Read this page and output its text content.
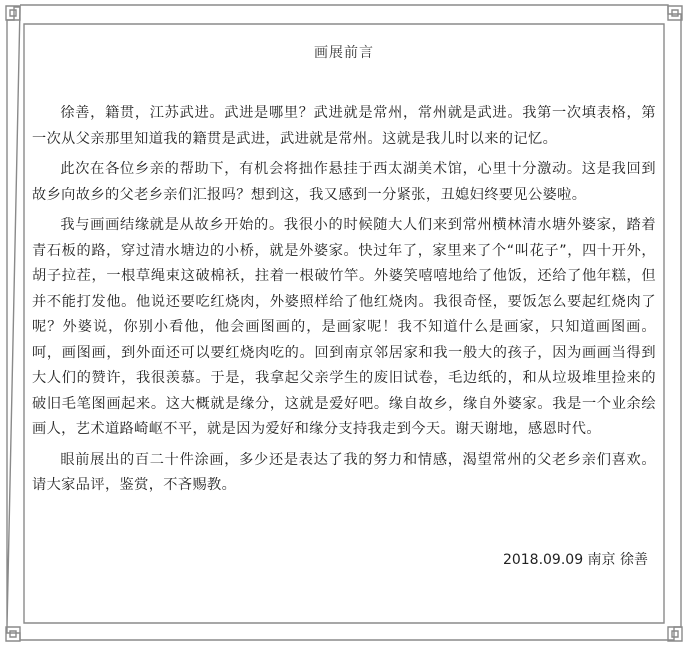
画展前言

徐善，籍贯，江苏武进。武进是哪里？武进就是常州，常州就是武进。我第一次填表格，第一次从父亲那里知道我的籍贯是武进，武进就是常州。这就是我儿时以来的记忆。

此次在各位乡亲的帮助下，有机会将拙作悬挂于西太湖美术馆，心里十分激动。这是我回到故乡向故乡的父老乡亲们汇报吗？想到这，我又感到一分紧张，丑媳妇终要见公婆啦。

我与画画结缘就是从故乡开始的。我很小的时候随大人们来到常州横林清水塘外婆家，踏着青石板的路，穿过清水塘边的小桥，就是外婆家。快过年了，家里来了个“叫花子”，四十开外，胡子拉茬，一根草绳束这破棉袄，拄着一根破竹竿。外婆笑嘻嘻地给了他饭，还给了他年糕，但并不能打发他。他说还要吃红烧肉，外婆照样给了他红烧肉。我很奇怪，要饭怎么要起红烧肉了呢？外婆说，你别小看他，他会画图画的，是画家呢！我不知道什么是画家，只知道画图画。呵，画图画，到外面还可以要红烧肉吃的。回到南京邻居家和我一般大的孩子，因为画画当得到大人们的赞许，我很羡慕。于是，我拿起父亲学生的废旧试卷，毛边纸的，和从垃圾堆里捡来的破旧毛笔图画起来。这大概就是缘分，这就是爱好吧。缘自故乡，缘自外婆家。我是一个业余绘画人，艺术道路崎岖不平，就是因为爱好和缘分支持我走到今天。谢天谢地，感恩时代。

眼前展出的百二十件涂画，多少还是表达了我的努力和情感，渴望常州的父老乡亲们喜欢。请大家品评，鉴赏，不吝赐教。

2018.09.09 南京 徐善
